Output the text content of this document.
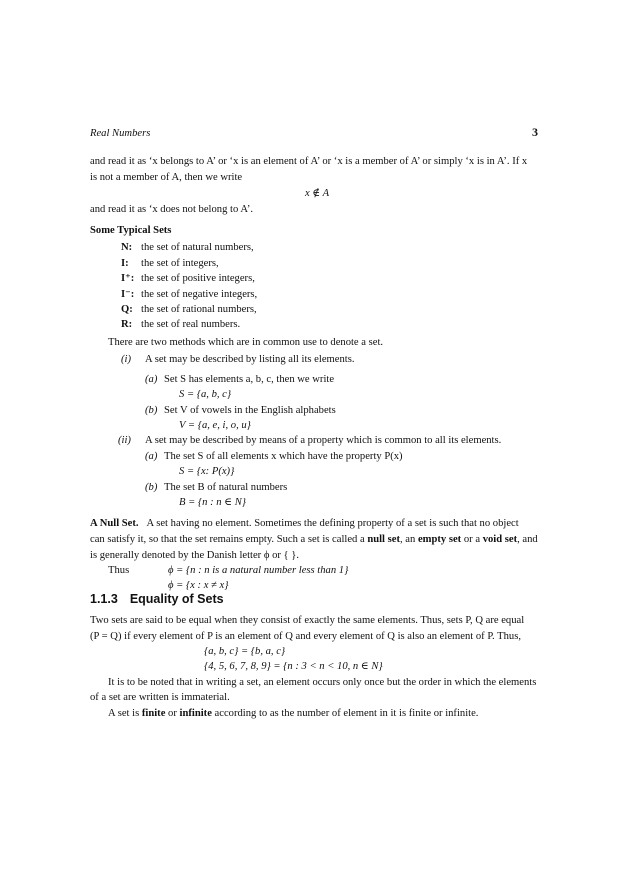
Real Numbers	3
and read it as ‘x belongs to A’ or ‘x is an element of A’ or ‘x is a member of A’ or simply ‘x is in A’. If x
is not a member of A, then we write
x ∉ A
and read it as ‘x does not belong to A’.
Some Typical Sets
N: the set of natural numbers,
I: the set of integers,
I⁺: the set of positive integers,
I⁻: the set of negative integers,
Q: the set of rational numbers,
R: the set of real numbers.
There are two methods which are in common use to denote a set.
(i) A set may be described by listing all its elements.
(a) Set S has elements a, b, c, then we write
S = {a, b, c}
(b) Set V of vowels in the English alphabets
V = {a, e, i, o, u}
(ii) A set may be described by means of a property which is common to all its elements.
(a) The set S of all elements x which have the property P(x)
S = {x: P(x)}
(b) The set B of natural numbers
B = {n : n ∈ N}
A Null Set. A set having no element. Sometimes the defining property of a set is such that no object
can satisfy it, so that the set remains empty. Such a set is called a null set, an empty set or a void set, and
is generally denoted by the Danish letter ϕ or { }.
Thus	ϕ = {n : n is a natural number less than 1}
ϕ = {x : x ≠ x}
1.1.3 Equality of Sets
Two sets are said to be equal when they consist of exactly the same elements. Thus, sets P, Q are equal
(P = Q) if every element of P is an element of Q and every element of Q is also an element of P. Thus,
{a, b, c} = {b, a, c}
{4, 5, 6, 7, 8, 9} = {n : 3 < n < 10, n ∈ N}
It is to be noted that in writing a set, an element occurs only once but the order in which the elements
of a set are written is immaterial.
A set is finite or infinite according to as the number of element in it is finite or infinite.
